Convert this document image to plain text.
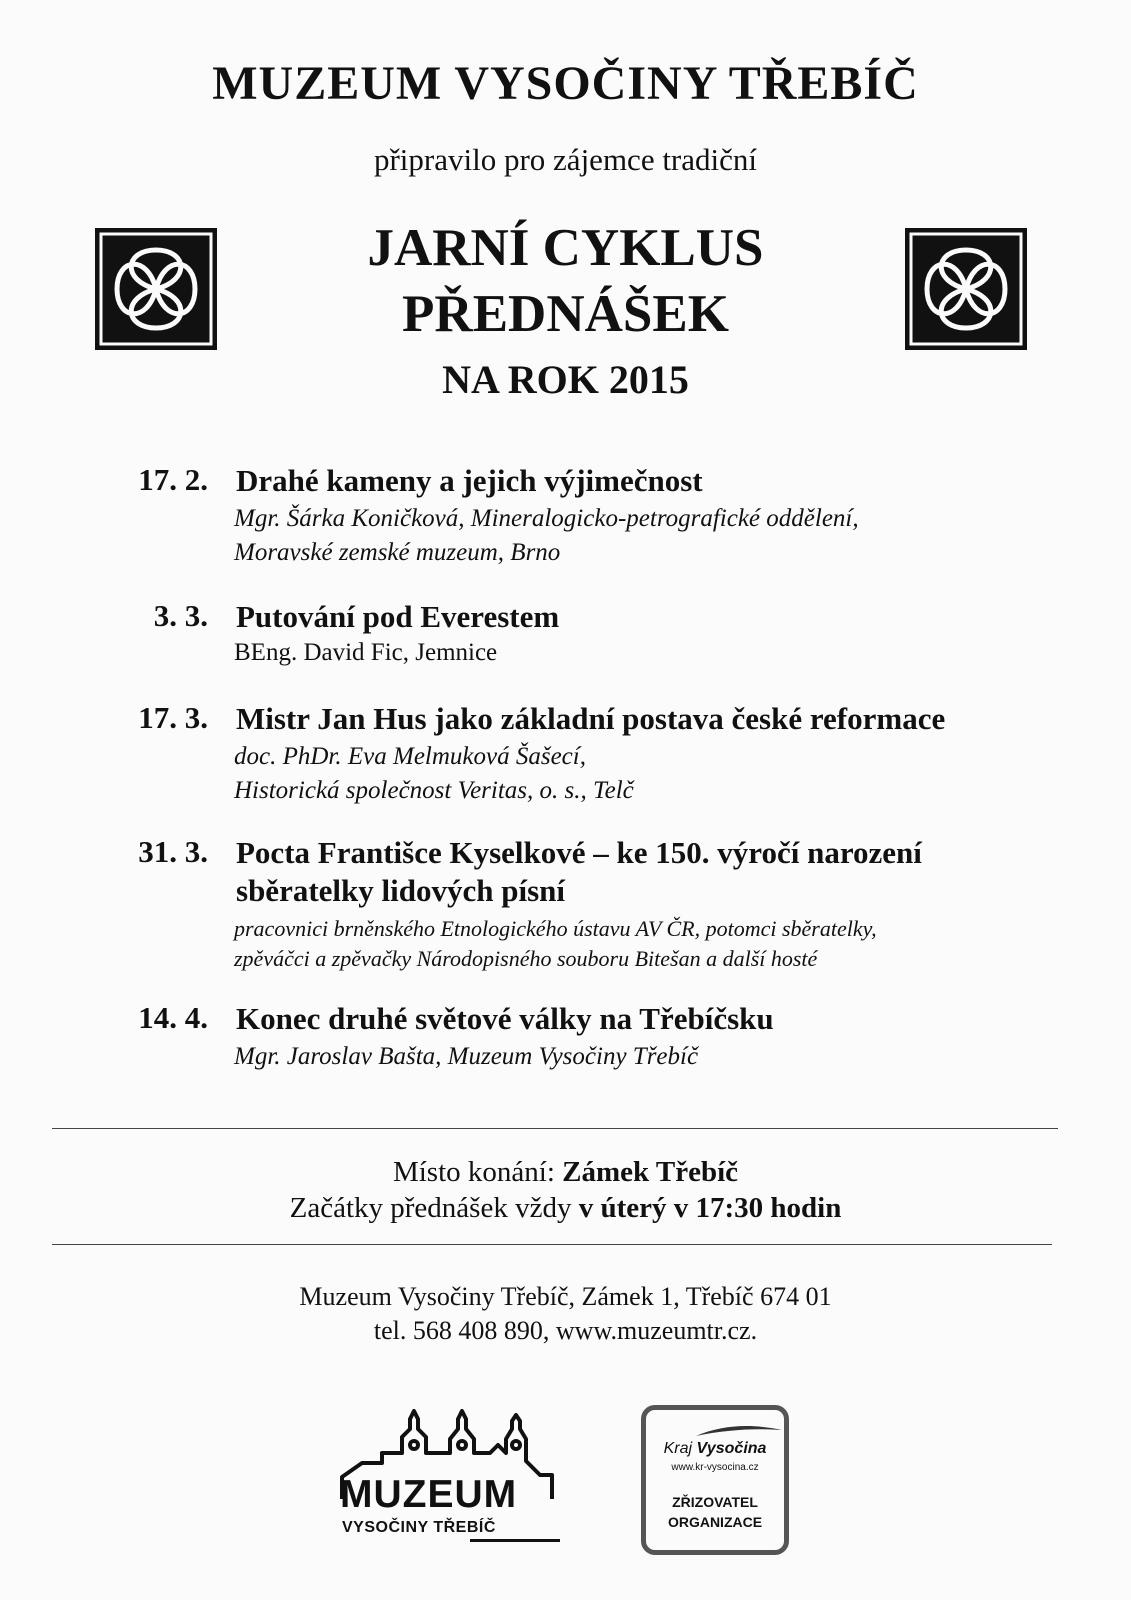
MUZEUM VYSOČINY TŘEBÍČ
připravilo pro zájemce tradiční
JARNÍ CYKLUS
PŘEDNÁŠEK
NA ROK 2015
17. 2. Drahé kameny a jejich výjimečnost
Mgr. Šárka Koničková, Mineralogicko-petrografické oddělení,
Moravské zemské muzeum, Brno
3. 3. Putování pod Everestem
BEng. David Fic, Jemnice
17. 3. Mistr Jan Hus jako základní postava české reformace
doc. PhDr. Eva Melmuková Šašecí,
Historická společnost Veritas, o. s., Telč
31. 3. Pocta Františce Kyselkové – ke 150. výročí narození
sběratelky lidových písní
pracovnici brněnského Etnologického ústavu AV ČR, potomci sběratelky,
zpěváčci a zpěvačky Národopisného souboru Bitešan a další hosté
14. 4. Konec druhé světové války na Třebíčsku
Mgr. Jaroslav Bašta, Muzeum Vysočiny Třebíč
Místo konání: Zámek Třebíč
Začátky přednášek vždy v úterý v 17:30 hodin
Muzeum Vysočiny Třebíč, Zámek 1, Třebíč 674 01
tel. 568 408 890, www.muzeumtr.cz.
MUZEUM
VYSOČINY TŘEBÍČ
Kraj Vysočina
www.kr-vysocina.cz
ZŘIZOVATEL
ORGANIZACE
